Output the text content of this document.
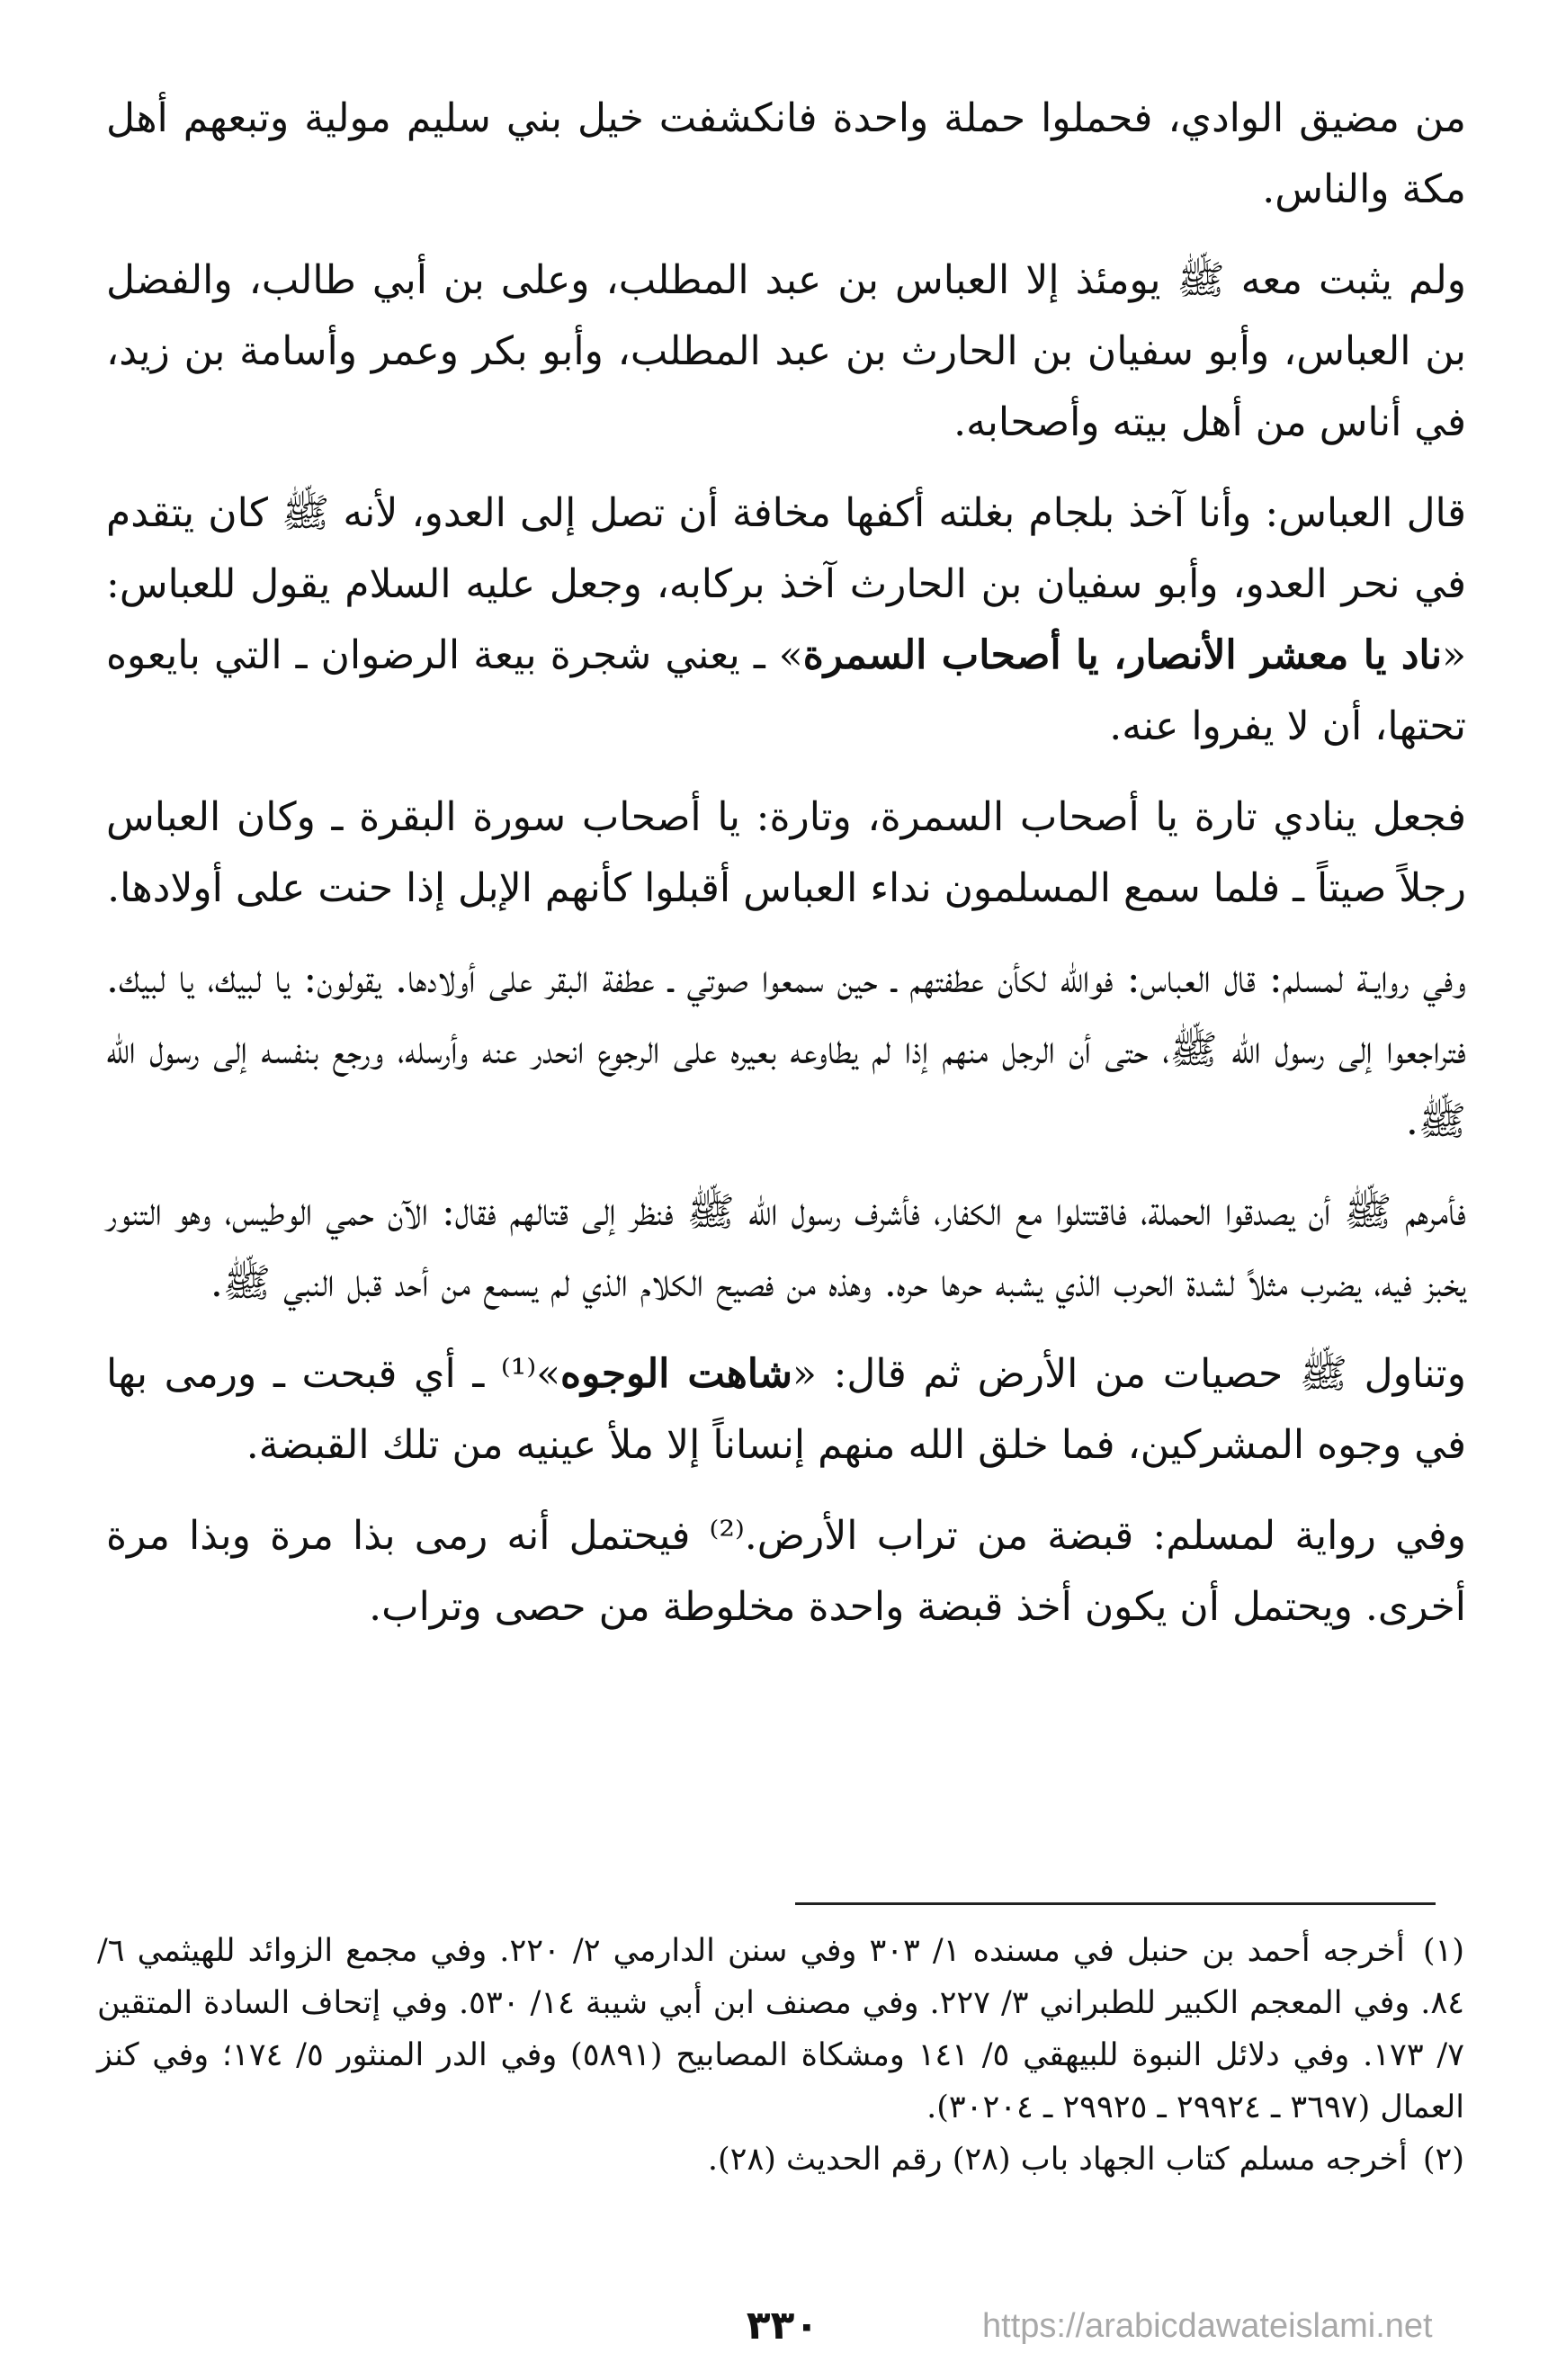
من مضيق الوادي، فحملوا حملة واحدة فانكشفت خيل بني سليم مولية وتبعهم أهل مكة والناس.

ولم يثبت معه ﷺ يومئذ إلا العباس بن عبد المطلب، وعلى بن أبي طالب، والفضل بن العباس، وأبو سفيان بن الحارث بن عبد المطلب، وأبو بكر وعمر وأسامة بن زيد، في أناس من أهل بيته وأصحابه.

قال العباس: وأنا آخذ بلجام بغلته أكفها مخافة أن تصل إلى العدو، لأنه ﷺ كان يتقدم في نحر العدو، وأبو سفيان بن الحارث آخذ بركابه، وجعل عليه السلام يقول للعباس: «ناد يا معشر الأنصار، يا أصحاب السمرة» ـ يعني شجرة بيعة الرضوان ـ التي بايعوه تحتها، أن لا يفروا عنه.

فجعل ينادي تارة يا أصحاب السمرة، وتارة: يا أصحاب سورة البقرة ـ وكان العباس رجلاً صيتاً ـ فلما سمع المسلمون نداء العباس أقبلوا كأنهم الإبل إذا حنت على أولادها.

وفي روايـة لمسلم: قال العباس: فوالله لكأن عطفتهم ـ حين سمعوا صوتي ـ عطفة البقر على أولادها. يقولون: يا لبيك، يا لبيك. فتراجعوا إلى رسول الله ﷺ، حتى أن الرجل منهم إذا لم يطاوعه بعيره على الرجوع انحدر عنه وأرسله، ورجع بنفسه إلى رسول الله ﷺ.

فأمرهم ﷺ أن يصدقوا الحملة، فاقتتلوا مع الكفار، فأشرف رسول الله ﷺ فنظر إلى قتالهم فقال: الآن حمي الوطيس، وهو التنور يخبز فيه، يضرب مثلاً لشدة الحرب الذي يشبه حرها حره. وهذه من فصيح الكلام الذي لم يسمع من أحد قبل النبي ﷺ.

وتناول ﷺ حصيات من الأرض ثم قال: «شاهت الوجوه»⁽¹⁾ ـ أي قبحت ـ ورمى بها في وجوه المشركين، فما خلق الله منهم إنساناً إلا ملأ عينيه من تلك القبضة.

وفي رواية لمسلم: قبضة من تراب الأرض.⁽²⁾ فيحتمل أنه رمى بذا مرة وبذا مرة أخرى. ويحتمل أن يكون أخذ قبضة واحدة مخلوطة من حصى وتراب.

(١) أخرجه أحمد بن حنبل في مسنده ١/ ٣٠٣ وفي سنن الدارمي ٢/ ٢٢٠. وفي مجمع الزوائد للهيثمي ٦/ ٨٤. وفي المعجم الكبير للطبراني ٣/ ٢٢٧. وفي مصنف ابن أبي شيبة ١٤/ ٥٣٠. وفي إتحاف السادة المتقين ٧/ ١٧٣. وفي دلائل النبوة للبيهقي ٥/ ١٤١ ومشكاة المصابيح (٥٨٩١) وفي الدر المنثور ٥/ ١٧٤؛ وفي كنز العمال (٣٦٩٧ ـ ٢٩٩٢٤ ـ ٢٩٩٢٥ ـ ٣٠٢٠٤).

(٢) أخرجه مسلم كتاب الجهاد باب (٢٨) رقم الحديث (٢٨).

٣٣٠	https://arabicdawateislami.net
